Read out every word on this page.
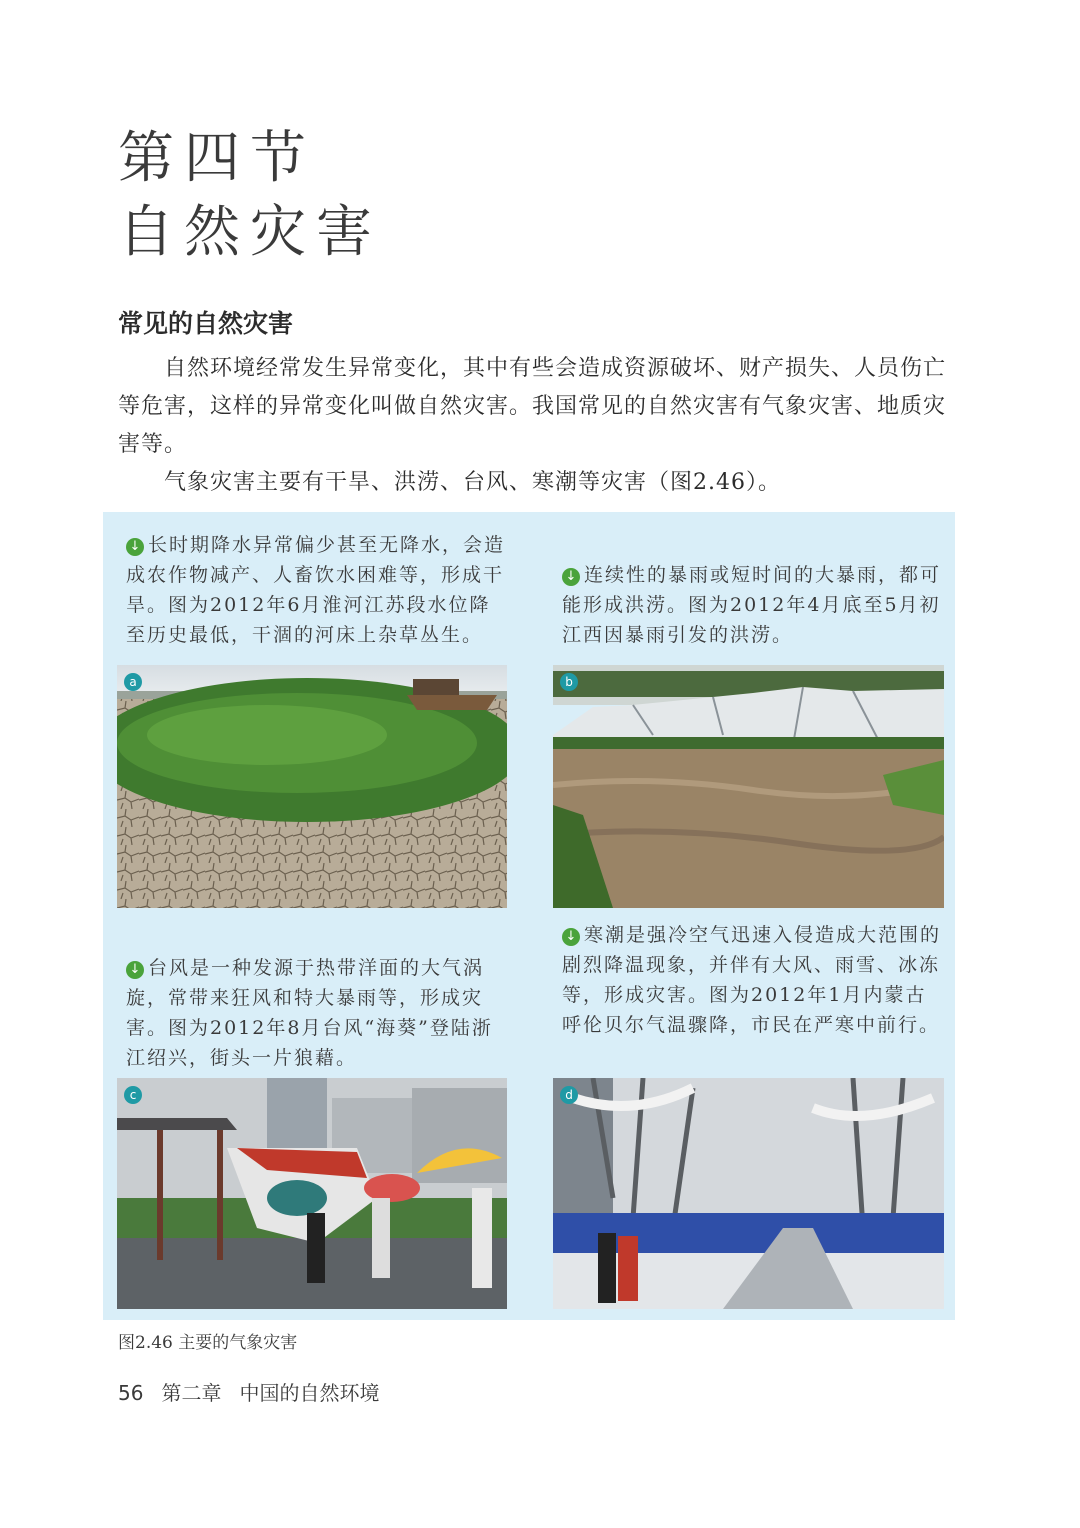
第四节
自然灾害
常见的自然灾害
自然环境经常发生异常变化，其中有些会造成资源破坏、财产损失、人员伤亡等危害，这样的异常变化叫做自然灾害。我国常见的自然灾害有气象灾害、地质灾害等。
气象灾害主要有干旱、洪涝、台风、寒潮等灾害（图2.46）。
↓ 长时期降水异常偏少甚至无降水，会造成农作物减产、人畜饮水困难等，形成干旱。图为2012年6月淮河江苏段水位降至历史最低，干涸的河床上杂草丛生。
↓ 连续性的暴雨或短时间的大暴雨，都可能形成洪涝。图为2012年4月底至5月初江西因暴雨引发的洪涝。
↓ 台风是一种发源于热带洋面的大气涡旋，常带来狂风和特大暴雨等，形成灾害。图为2012年8月台风“海葵”登陆浙江绍兴，街头一片狼藉。
↓ 寒潮是强冷空气迅速入侵造成大范围的剧烈降温现象，并伴有大风、雨雪、冰冻等，形成灾害。图为2012年1月内蒙古呼伦贝尔气温骤降，市民在严寒中前行。
a	b
c	d
图2.46 主要的气象灾害
56 第二章 中国的自然环境
